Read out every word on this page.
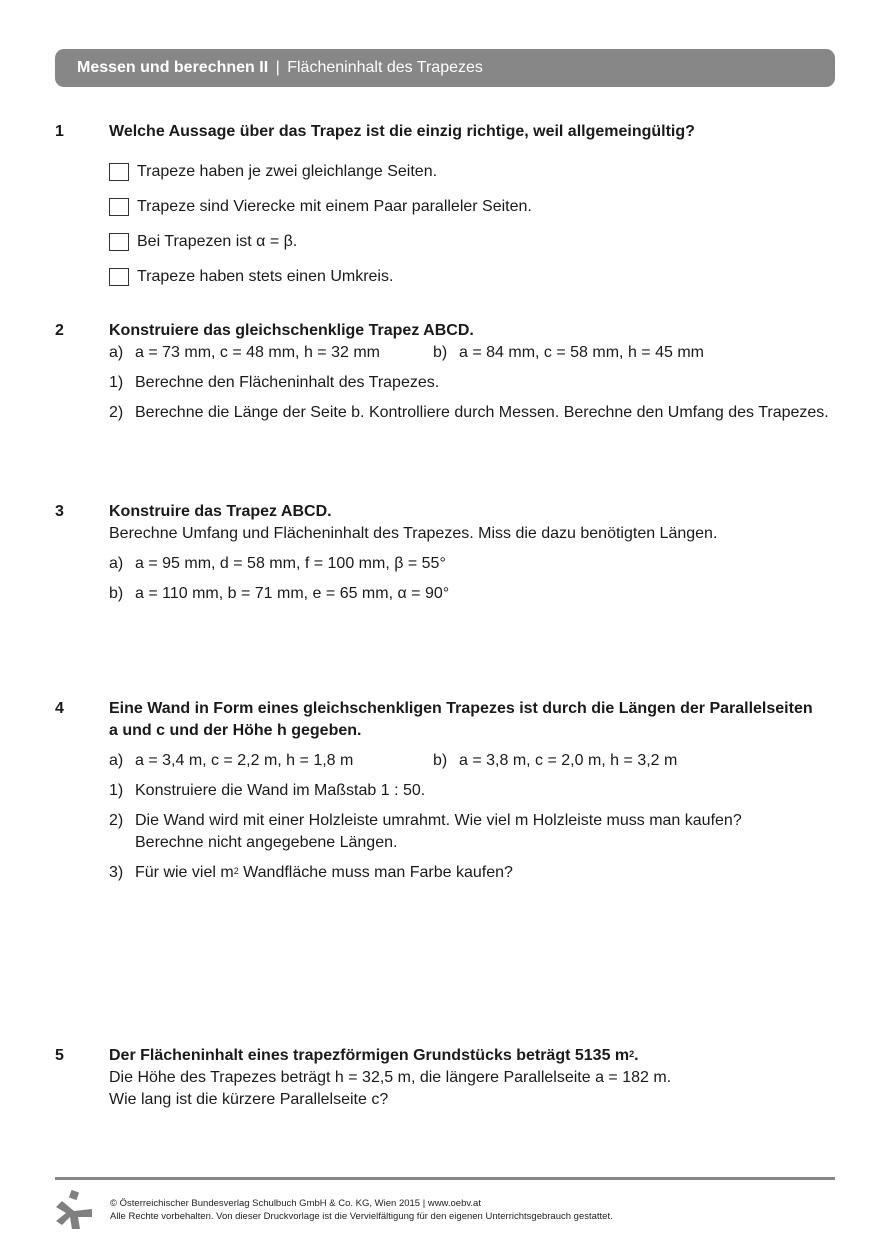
Messen und berechnen II | Flächeninhalt des Trapezes
1	Welche Aussage über das Trapez ist die einzig richtige, weil allgemeingültig?
Trapeze haben je zwei gleichlange Seiten.
Trapeze sind Vierecke mit einem Paar paralleler Seiten.
Bei Trapezen ist α = β.
Trapeze haben stets einen Umkreis.
2	Konstruiere das gleichschenklige Trapez ABCD.
a) a = 73 mm, c = 48 mm, h = 32 mm	b) a = 84 mm, c = 58 mm, h = 45 mm
1) Berechne den Flächeninhalt des Trapezes.
2) Berechne die Länge der Seite b. Kontrolliere durch Messen. Berechne den Umfang des Trapezes.
3	Konstruire das Trapez ABCD.
Berechne Umfang und Flächeninhalt des Trapezes. Miss die dazu benötigten Längen.
a) a = 95 mm, d = 58 mm, f = 100 mm, β = 55°
b) a = 110 mm, b = 71 mm, e = 65 mm, α = 90°
4	Eine Wand in Form eines gleichschenkligen Trapezes ist durch die Längen der Parallelseiten
a und c und der Höhe h gegeben.
a) a = 3,4 m, c = 2,2 m, h = 1,8 m	b) a = 3,8 m, c = 2,0 m, h = 3,2 m
1) Konstruiere die Wand im Maßstab 1 : 50.
2) Die Wand wird mit einer Holzleiste umrahmt. Wie viel m Holzleiste muss man kaufen?
Berechne nicht angegebene Längen.
3) Für wie viel $m^2$ Wandfläche muss man Farbe kaufen?
5	Der Flächeninhalt eines trapezförmigen Grundstücks beträgt 5135 $m^2$.
Die Höhe des Trapezes beträgt h = 32,5 m, die längere Parallelseite a = 182 m.
Wie lang ist die kürzere Parallelseite c?
© Österreichischer Bundesverlag Schulbuch GmbH & Co. KG, Wien 2015 | www.oebv.at
Alle Rechte vorbehalten. Von dieser Druckvorlage ist die Vervielfältigung für den eigenen Unterrichtsgebrauch gestattet.
